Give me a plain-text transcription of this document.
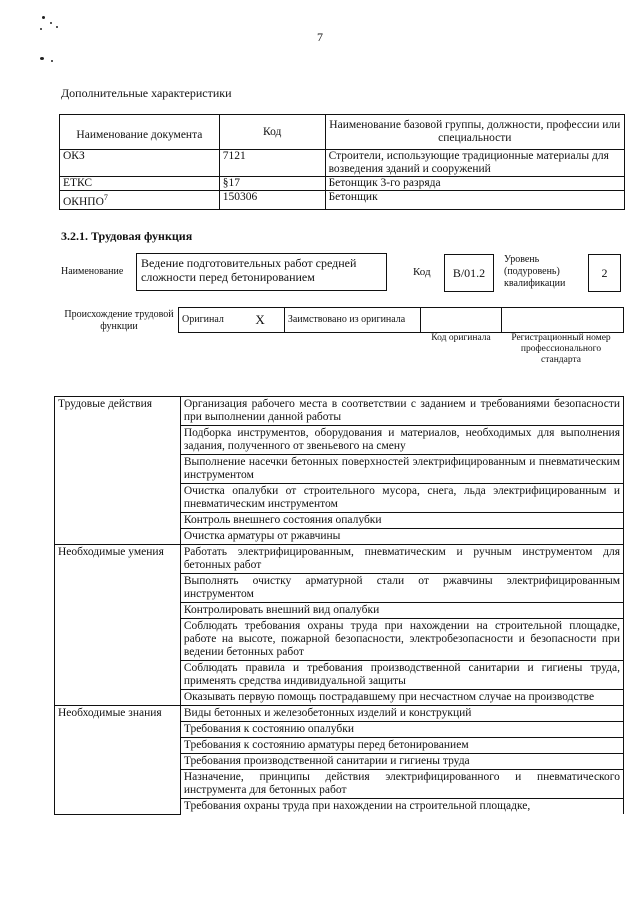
7
Дополнительные характеристики
Наименование документа	Код	Наименование базовой группы, должности, профессии или специальности
ОКЗ	7121	Строители, использующие традиционные материалы для возведения зданий и сооружений
ЕТКС	§17	Бетонщик 3-го разряда
ОКНПО$^7$	150306	Бетонщик
3.2.1. Трудовая функция
Наименование
Ведение подготовительных работ средней сложности перед бетонированием	Код	В/01.2
Уровень (подуровень) квалификации
2
Происхождение трудовой функции
Оригинал	Х	Заимствовано из оригинала		
Код оригинала	Регистрационный номер профессионального стандарта
Трудовые действия	Организация рабочего места в соответствии с заданием и требованиями безопасности при выполнении данной работы
	Подборка инструментов, оборудования и материалов, необходимых для выполнения задания, полученного от звеньевого на смену
	Выполнение насечки бетонных поверхностей электрифицированным и пневматическим инструментом
	Очистка опалубки от строительного мусора, снега, льда электрифицированным и пневматическим инструментом
	Контроль внешнего состояния опалубки
	Очистка арматуры от ржавчины
Необходимые умения	Работать электрифицированным, пневматическим и ручным инструментом для бетонных работ
	Выполнять очистку арматурной стали от ржавчины электрифицированным инструментом
	Контролировать внешний вид опалубки
	Соблюдать требования охраны труда при нахождении на строительной площадке, работе на высоте, пожарной безопасности, электробезопасности и безопасности при ведении бетонных работ
	Соблюдать правила и требования производственной санитарии и гигиены труда, применять средства индивидуальной защиты
	Оказывать первую помощь пострадавшему при несчастном случае на производстве
Необходимые знания	Виды бетонных и железобетонных изделий и конструкций
	Требования к состоянию опалубки
	Требования к состоянию арматуры перед бетонированием
	Требования производственной санитарии и гигиены труда
	Назначение, принципы действия электрифицированного и пневматического инструмента для бетонных работ
	Требования охраны труда при нахождении на строительной площадке,
